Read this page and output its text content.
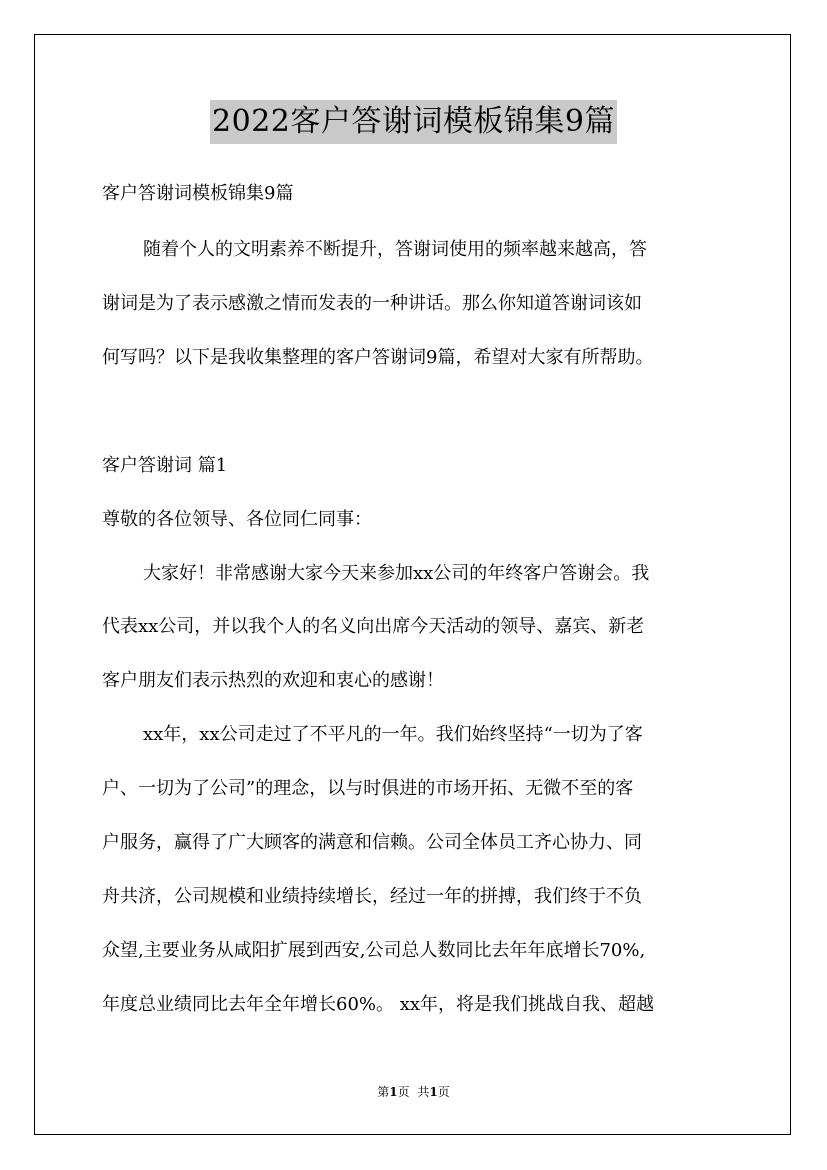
2022客户答谢词模板锦集9篇
客户答谢词模板锦集9篇
随着个人的文明素养不断提升，答谢词使用的频率越来越高，答
谢词是为了表示感激之情而发表的一种讲话。那么你知道答谢词该如
何写吗？以下是我收集整理的客户答谢词9篇，希望对大家有所帮助。
客户答谢词 篇1
尊敬的各位领导、各位同仁同事：
大家好！非常感谢大家今天来参加xx公司的年终客户答谢会。我
代表xx公司，并以我个人的名义向出席今天活动的领导、嘉宾、新老
客户朋友们表示热烈的欢迎和衷心的感谢！
xx年，xx公司走过了不平凡的一年。我们始终坚持“一切为了客
户、一切为了公司”的理念，以与时俱进的市场开拓、无微不至的客
户服务，赢得了广大顾客的满意和信赖。公司全体员工齐心协力、同
舟共济，公司规模和业绩持续增长，经过一年的拼搏，我们终于不负
众望,主要业务从咸阳扩展到西安,公司总人数同比去年年底增长70%,
年度总业绩同比去年全年增长60%。 xx年，将是我们挑战自我、超越
第1页 共1页
